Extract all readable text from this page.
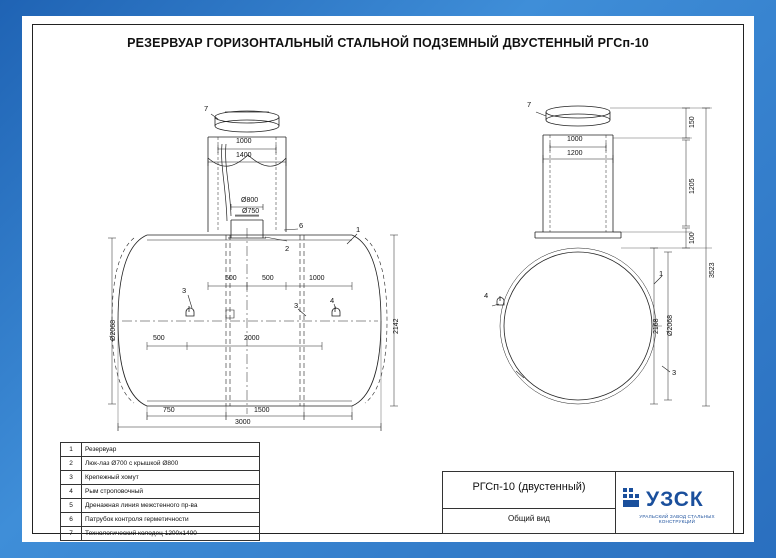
РЕЗЕРВУАР ГОРИЗОНТАЛЬНЫЙ СТАЛЬНОЙ ПОДЗЕМНЫЙ ДВУСТЕННЫЙ РГСп-10
1000
1400
Ø800
Ø750
500	500	1000
500	2000
750	1500
3000
Ø2068	2142
7
6
2
3
1
3
4
1000
1200
150
1205
100
3523
Ø2068
2168
7
1
4
3
1	Резервуар
2	Люк-лаз Ø700 с крышкой Ø800
3	Крепежный хомут
4	Рым строповочный
5	Дренажная линия межстенного пр-ва
6	Патрубок контроля герметичности
7	Технологический колодец 1200х1400
РГСп-10 (двустенный)
Общий вид
УЗСК
УРАЛЬСКИЙ ЗАВОД СТАЛЬНЫХ КОНСТРУКЦИЙ
